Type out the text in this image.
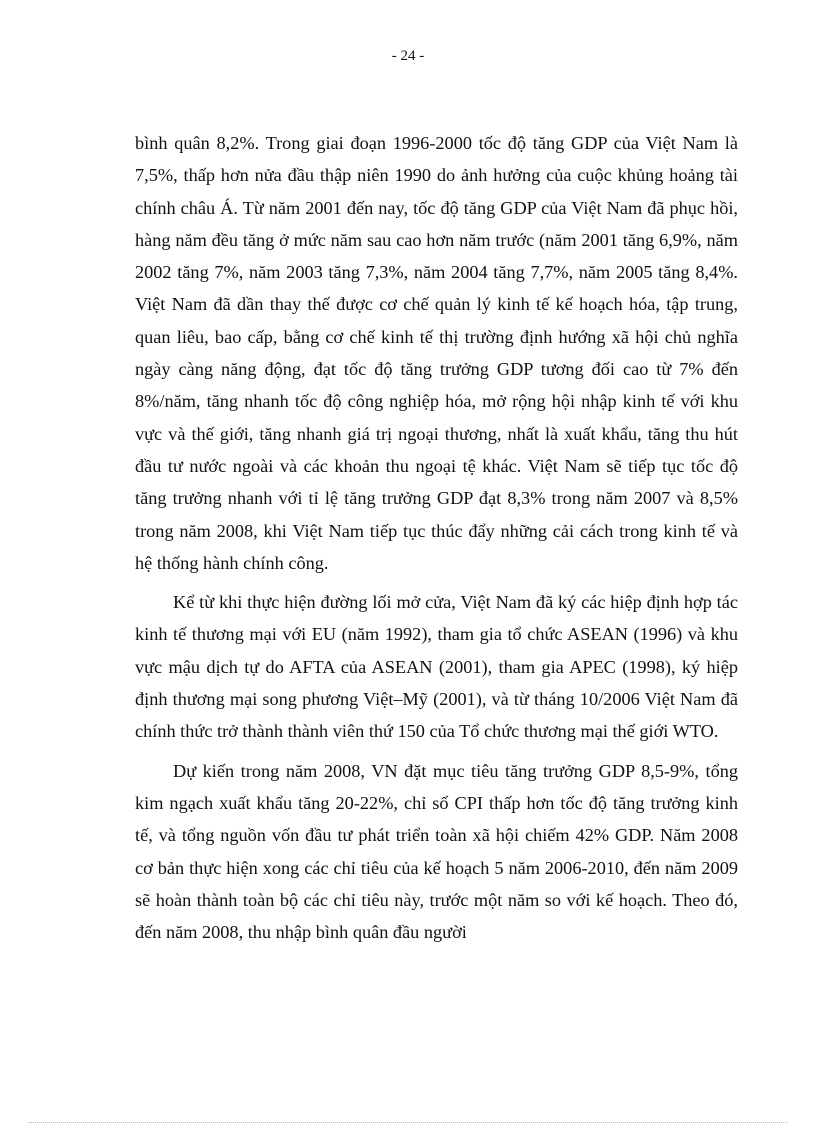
- 24 -

bình quân 8,2%. Trong giai đoạn 1996-2000 tốc độ tăng GDP của Việt Nam là 7,5%, thấp hơn nửa đầu thập niên 1990 do ảnh hưởng của cuộc khủng hoảng tài chính châu Á. Từ năm 2001 đến nay, tốc độ tăng GDP của Việt Nam đã phục hồi, hàng năm đều tăng ở mức năm sau cao hơn năm trước (năm 2001 tăng 6,9%, năm 2002 tăng 7%, năm 2003 tăng 7,3%, năm 2004 tăng 7,7%, năm 2005 tăng 8,4%. Việt Nam đã dần thay thế được cơ chế quản lý kinh tế kế hoạch hóa, tập trung, quan liêu, bao cấp, bằng cơ chế kinh tế thị trường định hướng xã hội chủ nghĩa ngày càng năng động, đạt tốc độ tăng trưởng GDP tương đối cao từ 7% đến 8%/năm, tăng nhanh tốc độ công nghiệp hóa, mở rộng hội nhập kinh tế với khu vực và thế giới, tăng nhanh giá trị ngoại thương, nhất là xuất khẩu, tăng thu hút đầu tư nước ngoài và các khoản thu ngoại tệ khác. Việt Nam sẽ tiếp tục tốc độ tăng trưởng nhanh với tỉ lệ tăng trưởng GDP đạt 8,3% trong năm 2007 và 8,5% trong năm 2008, khi Việt Nam tiếp tục thúc đẩy những cải cách trong kinh tế và hệ thống hành chính công.

Kể từ khi thực hiện đường lối mở cửa, Việt Nam đã ký các hiệp định hợp tác kinh tế thương mại với EU (năm 1992), tham gia tổ chức ASEAN (1996) và khu vực mậu dịch tự do AFTA của ASEAN (2001), tham gia APEC (1998), ký hiệp định thương mại song phương Việt–Mỹ (2001), và từ tháng 10/2006 Việt Nam đã chính thức trở thành thành viên thứ 150 của Tổ chức thương mại thế giới WTO.

Dự kiến trong năm 2008, VN đặt mục tiêu tăng trưởng GDP 8,5-9%, tổng kim ngạch xuất khẩu tăng 20-22%, chỉ số CPI thấp hơn tốc độ tăng trưởng kinh tế, và tổng nguồn vốn đầu tư phát triển toàn xã hội chiếm 42% GDP. Năm 2008 cơ bản thực hiện xong các chỉ tiêu của kế hoạch 5 năm 2006-2010, đến năm 2009 sẽ hoàn thành toàn bộ các chỉ tiêu này, trước một năm so với kế hoạch. Theo đó, đến năm 2008, thu nhập bình quân đầu người
